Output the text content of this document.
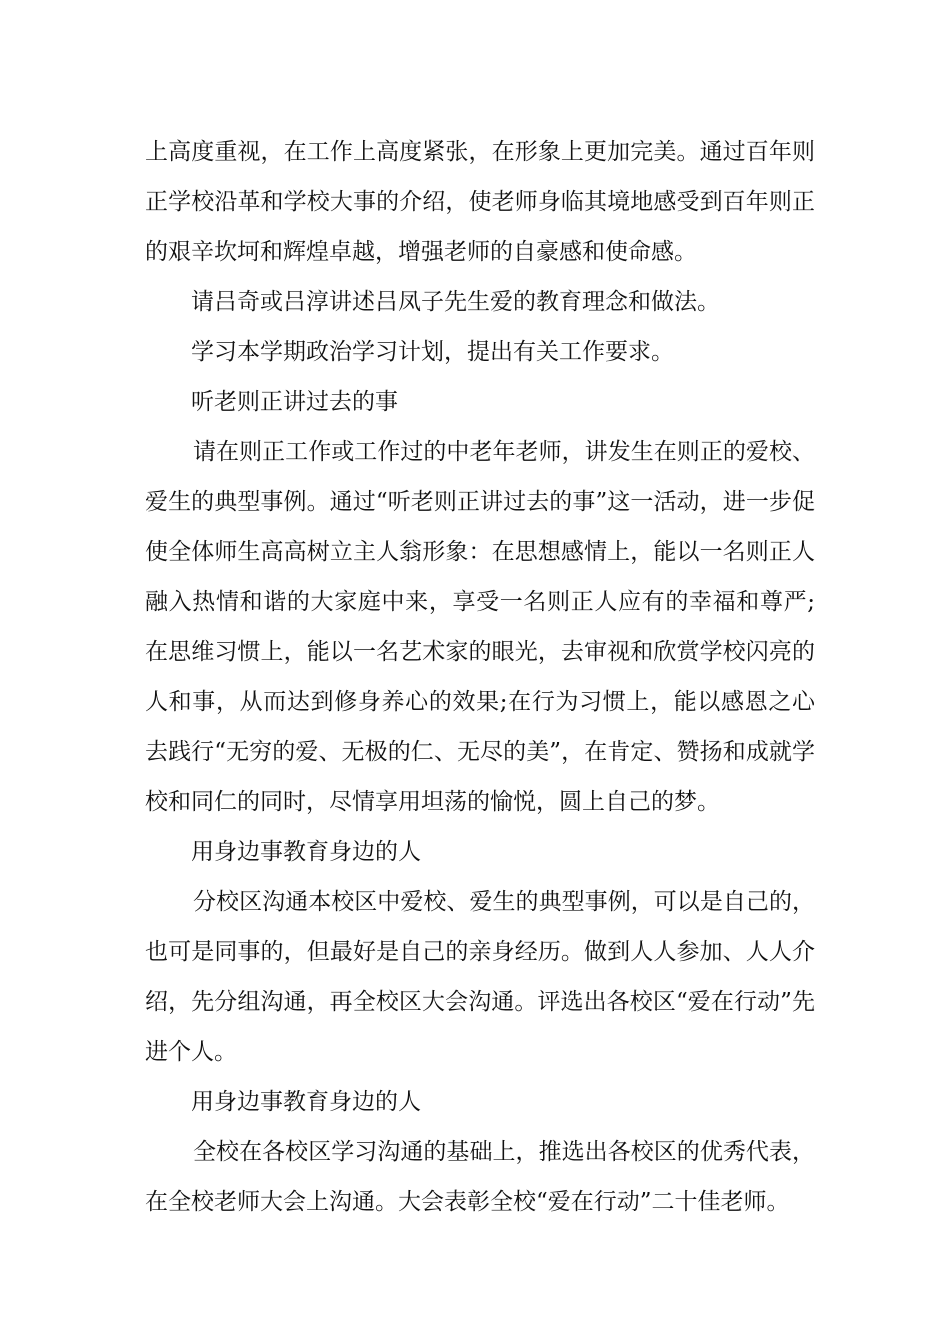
上高度重视，在工作上高度紧张，在形象上更加完美。通过百年则正学校沿革和学校大事的介绍，使老师身临其境地感受到百年则正的艰辛坎坷和辉煌卓越，增强老师的自豪感和使命感。

请吕奇或吕淳讲述吕凤子先生爱的教育理念和做法。

学习本学期政治学习计划，提出有关工作要求。

听老则正讲过去的事

请在则正工作或工作过的中老年老师，讲发生在则正的爱校、爱生的典型事例。通过“听老则正讲过去的事”这一活动，进一步促使全体师生高高树立主人翁形象：在思想感情上，能以一名则正人融入热情和谐的大家庭中来，享受一名则正人应有的幸福和尊严;在思维习惯上，能以一名艺术家的眼光，去审视和欣赏学校闪亮的人和事，从而达到修身养心的效果;在行为习惯上，能以感恩之心去践行“无穷的爱、无极的仁、无尽的美”，在肯定、赞扬和成就学校和同仁的同时，尽情享用坦荡的愉悦，圆上自己的梦。

用身边事教育身边的人

分校区沟通本校区中爱校、爱生的典型事例，可以是自己的，也可是同事的，但最好是自己的亲身经历。做到人人参加、人人介绍，先分组沟通，再全校区大会沟通。评选出各校区“爱在行动”先进个人。

用身边事教育身边的人

全校在各校区学习沟通的基础上，推选出各校区的优秀代表，在全校老师大会上沟通。大会表彰全校“爱在行动”二十佳老师。
